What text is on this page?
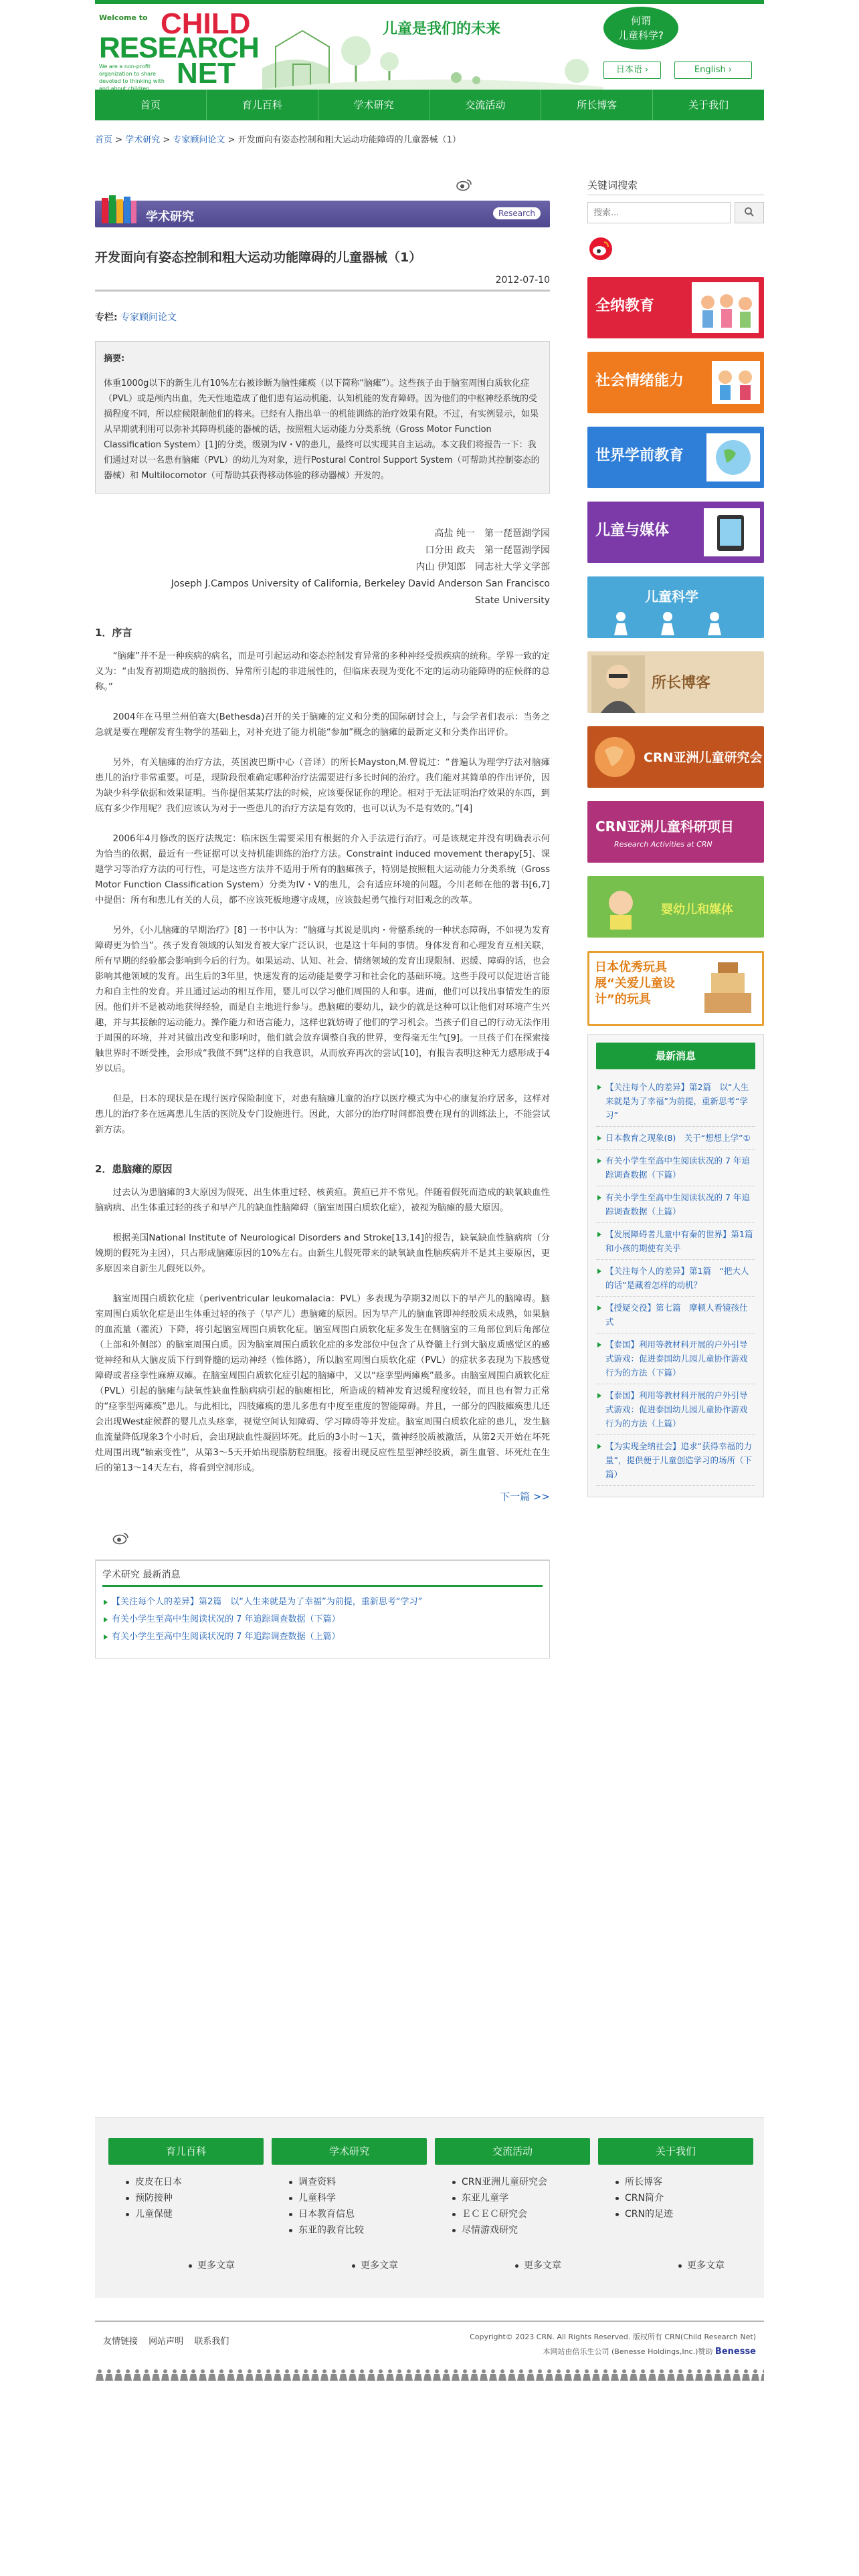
Welcome to CHILD
RESEARCH
We are a non-profit organization to share devoted to thinking with and about children. NET
儿童是我们的未来	何谓
儿童科学?
日本语 ›	English ›
首页	育儿百科	学术研究	交流活动	所长博客	关于我们
首页 > 学术研究 > 专家顾问论文 > 开发面向有姿态控制和粗大运动功能障碍的儿童器械（1）
学术研究	Research
开发面向有姿态控制和粗大运动功能障碍的儿童器械（1）
2012-07-10
专栏: 专家顾问论文
摘要:
体重1000g以下的新生儿有10%左右被诊断为脑性瘫痪（以下简称“脑瘫”）。这些孩子由于脑室周围白质软化症（PVL）或是颅内出血，先天性地造成了他们患有运动机能、认知机能的发育障碍。因为他们的中枢神经系统的受损程度不同，所以症候限制他们的将来。已经有人指出单一的机能训练的治疗效果有限。不过，有实例显示，如果从早期就利用可以弥补其障碍机能的器械的话，按照粗大运动能力分类系统（Gross Motor Function Classification System）[1]的分类，级别为IV・V的患儿，最终可以实现其自主运动。本文我们将报告一下：我们通过对以一名患有脑瘫（PVL）的幼儿为对象，进行Postural Control Support System（可帮助其控制姿态的器械）和 Multilocomotor（可帮助其获得移动体验的移动器械）开发的。
高盐 纯一　第一琵琶湖学园
口分田 政夫　第一琵琶湖学园
内山 伊知郎　同志社大学文学部
Joseph J.Campos University of California, Berkeley David Anderson San Francisco
State University
1．序言

“脑瘫”并不是一种疾病的病名，而是可引起运动和姿态控制发育异常的多种神经受损疾病的统称。学界一致的定义为：“由发育初期造成的脑损伤、异常所引起的非进展性的，但临床表现为变化不定的运动功能障碍的症候群的总称。”

2004年在马里兰州伯赛大(Bethesda)召开的关于脑瘫的定义和分类的国际研讨会上，与会学者们表示：当务之急就是要在理解发育生物学的基础上，对补充进了能力机能“参加”概念的脑瘫的最新定义和分类作出评价。

另外，有关脑瘫的治疗方法，英国波巴斯中心（音译）的所长Mayston,M.曾说过：“普遍认为理学疗法对脑瘫患儿的治疗非常重要。可是，现阶段很难确定哪种治疗法需要进行多长时间的治疗。我们能对其简单的作出评价，因为缺少科学依据和效果证明。当你提倡某某疗法的时候，应该要保证你的理论。相对于无法证明治疗效果的东西，到底有多少作用呢？我们应该认为对于一些患儿的治疗方法是有效的，也可以认为不是有效的。”[4]

2006年4月修改的医疗法规定：临床医生需要采用有根据的介入手法进行治疗。可是该规定并没有明确表示何为恰当的依据，最近有一些证据可以支持机能训练的治疗方法。Constraint induced movement therapy[5]、课题学习等治疗方法的可行性，可是这些方法并不适用于所有的脑瘫孩子，特别是按照粗大运动能力分类系统（Gross Motor Function Classification System）分类为IV・V的患儿，会有适应环境的问题。今川老师在他的著书[6,7]中提倡：所有和患儿有关的人员，都不应该死板地遵守成规，应该鼓起勇气推行对旧观念的改革。

另外，《小儿脑瘫的早期治疗》[8] 一书中认为：“脑瘫与其说是肌肉・骨骼系统的一种状态障碍，不如视为发育障碍更为恰当”。孩子发育领域的认知发育被大家广泛认识，也是这十年间的事情。身体发育和心理发育互相关联，所有早期的经验都会影响到今后的行为。如果运动、认知、社会、情绪领域的发育出现限制、迟缓、障碍的话，也会影响其他领域的发育。出生后的3年里，快速发育的运动能是要学习和社会化的基础环境。这些手段可以促进语言能力和自主性的发育。并且通过运动的相互作用，婴儿可以学习他们周围的人和事。进而，他们可以找出事情发生的原因。他们并不是被动地获得经验，而是自主地进行参与。患脑瘫的婴幼儿，缺少的就是这种可以让他们对环境产生兴趣，并与其接触的运动能力。操作能力和语言能力，这样也就妨碍了他们的学习机会。当孩子们自己的行动无法作用于周围的环境，并对其做出改变和影响时，他们就会放弃调整自我的世界，变得毫无生气[9]。一旦孩子们在探索接触世界时不断受挫，会形成“我做不到”这样的自我意识，从而放弃再次的尝试[10]，有报告表明这种无力感形成于4岁以后。

但是，日本的现状是在现行医疗保险制度下，对患有脑瘫儿童的治疗以医疗模式为中心的康复治疗居多，这样对患儿的治疗多在远离患儿生活的医院及专门设施进行。因此，大部分的治疗时间都浪费在现有的训练法上，不能尝试新方法。

2．患脑瘫的原因

过去认为患脑瘫的3大原因为假死、出生体重过轻、核黄疸。黄疸已并不常见。伴随着假死而造成的缺氧缺血性脑病病、出生体重过轻的孩子和早产儿的缺血性脑障碍（脑室周围白质软化症），被视为脑瘫的最大原因。

根据美国National Institute of Neurological Disorders and Stroke[13,14]的报告，缺氧缺血性脑病病（分娩期的假死为主因），只占形成脑瘫原因的10%左右。由新生儿假死带来的缺氧缺血性脑疾病并不是其主要原因，更多原因来自新生儿假死以外。

脑室周围白质软化症（periventricular leukomalacia：PVL）多表现为孕期32周以下的早产儿的脑障碍。脑室周围白质软化症是出生体重过轻的孩子（早产儿）患脑瘫的原因。因为早产儿的脑血管即神经胶质未成熟，如果脑的血流量（灌流）下降，将引起脑室周围白质软化症。脑室周围白质软化症多发生在侧脑室的三角部位到后角部位（上部和外侧部）的脑室周围白质。因为脑室周围白质软化症的多发部位中包含了从脊髓上行到大脑皮质感觉区的感觉神经和从大脑皮质下行到脊髓的运动神经（锥体路），所以脑室周围白质软化症（PVL）的症状多表现为下肢感觉障碍或者痉挛性麻痹双瘫。在脑室周围白质软化症引起的脑瘫中，又以“痉挛型两瘫痪”最多。由脑室周围白质软化症（PVL）引起的脑瘫与缺氧性缺血性脑病病引起的脑瘫相比，所造成的精神发育迟缓程度较轻，而且也有智力正常的“痉挛型两瘫痪”患儿。与此相比，四肢瘫痪的患儿多患有中度至重度的智能障碍。并且，一部分的四肢瘫痪患儿还会出现West症候群的婴儿点头痉挛，视觉空间认知障碍、学习障碍等并发症。脑室周围白质软化症的患儿，发生脑血流量降低现象3个小时后，会出现缺血性凝固坏死。此后的3小时～1天，微神经胶质被激活，从第2天开始在坏死灶周围出现“轴索变性”，从第3～5天开始出现脂肪粒细胞。接着出现反应性星型神经胶质，新生血管、坏死灶在生后的第13～14天左右，将看到空洞形成。

下一篇 >>
学术研究 最新消息
【关注每个人的差异】第2篇　以“人生来就是为了幸福”为前提，重新思考“学习”
有关小学生至高中生阅读状况的 7 年追踪调查数据（下篇）
有关小学生至高中生阅读状况的 7 年追踪调查数据（上篇）
关键词搜索
搜索...
全纳教育
社会情绪能力
世界学前教育
儿童与媒体
儿童科学
所长博客
CRN亚洲儿童研究会
CRN亚洲儿童科研项目
Research Activities at CRN
婴幼儿和媒体
日本优秀玩具展“关爱儿童设计”的玩具
最新消息
【关注每个人的差异】第2篇　以“人生来就是为了幸福”为前提，重新思考“学习”
日本教育之现象(8)　关于“想想上学”①
有关小学生至高中生阅读状况的 7 年追踪调查数据（下篇）
有关小学生至高中生阅读状况的 7 年追踪调查数据（上篇）
【发展障碍者儿童中有秦的世界】第1篇　和小孩的期使有关乎
【关注每个人的差异】第1篇　“把大人的话”是藏着怎样的动机？
【授疑交役】第七篇　摩顿人看镜孩仕式
【泰国】利用等教材科开展的户外引导式游戏：促进泰国幼儿园儿童协作游戏行为的方法（下篇）
【泰国】利用等教材科开展的户外引导式游戏：促进泰国幼儿园儿童协作游戏行为的方法（上篇）
【为实现全纳社会】追求“获得幸福的力量”，提供便于儿童创造学习的场所（下篇）
育儿百科
皮皮在日本
预防接种
儿童保健
学术研究
调查资料
儿童科学
日本教育信息
东亚的教育比较
交流活动
CRN亚洲儿童研究会
东亚儿童学
ＥＣＥＣ研究会
尽情游戏研究
关于我们
所长博客
CRN简介
CRN的足迹
更多文章	更多文章	更多文章	更多文章
友情链接 网站声明 联系我们	Copyright© 2023 CRN. All Rights Reserved. 版权所有 CRN(Child Research Net)
本网站由倍乐生公司 (Benesse Holdings,Inc.)赞助 Benesse
